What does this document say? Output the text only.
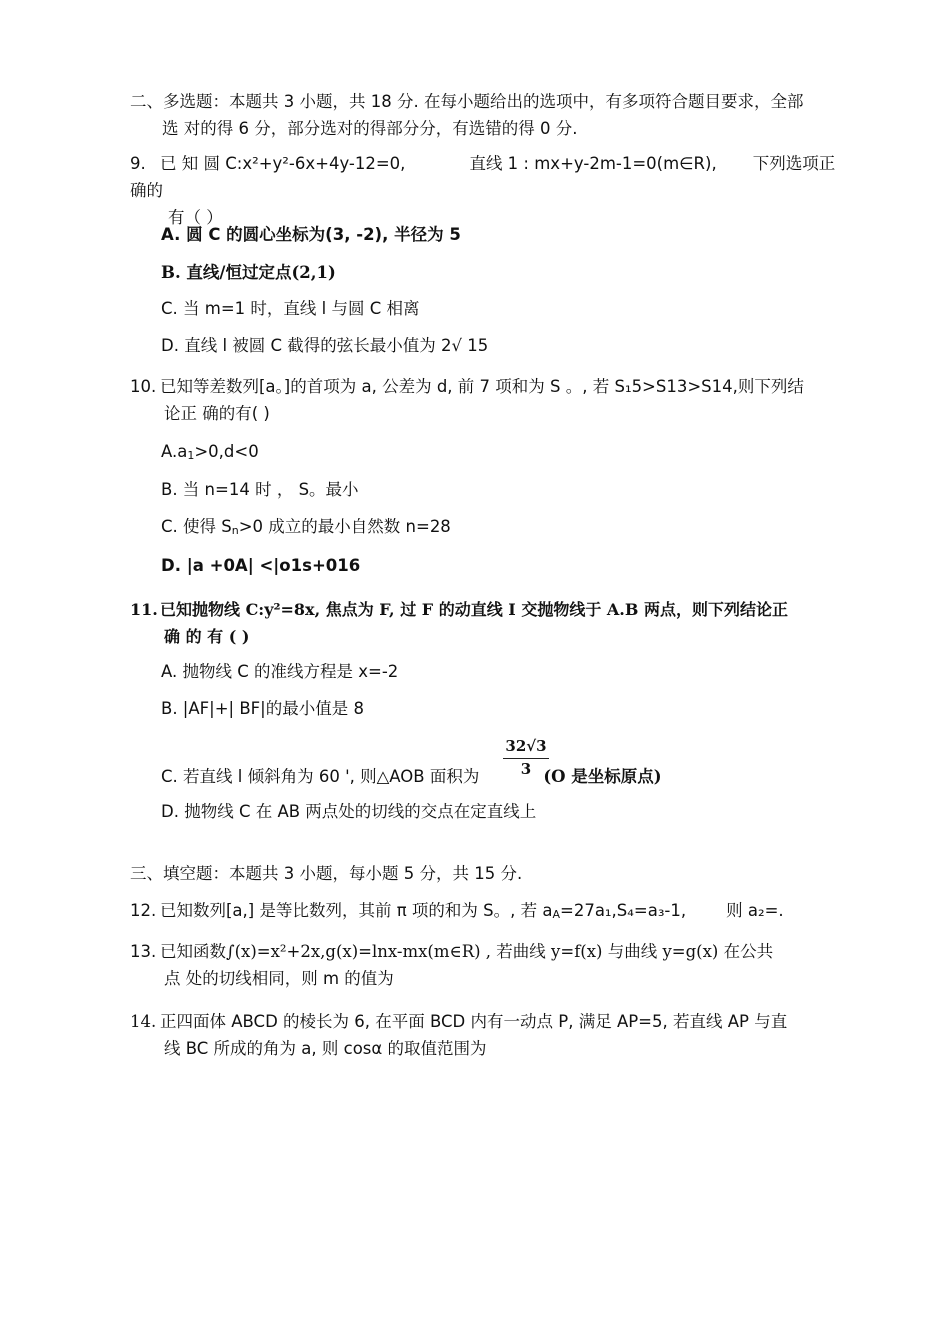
二、多选题：本题共 3 小题，共 18 分. 在每小题给出的选项中，有多项符合题目要求，全部
选 对的得 6 分，部分选对的得部分分，有选错的得 0 分.
9. 已 知 圆 C:x²+y²-6x+4y-12=0,	直线 1 : mx+y-2m-1=0(m∈R), 下列选项正确的
有（ ）
A. 圆 C 的圆心坐标为(3, -2), 半径为 5
B. 直线/恒过定点(2,1)
C. 当 m=1 时，直线 l 与圆 C 相离
D. 直线 l 被圆 C 截得的弦长最小值为 2√ 15
10. 已知等差数列[a。]的首项为 a, 公差为 d, 前 7 项和为 S 。, 若 S₁5>S13>S14,则下列结
论正 确的有( )
A.a1>0,d<0
B. 当 n=14 时 ， S。最小
C. 使得 Sn>0 成立的最小自然数 n=28
D. |a +0A| <|o1s+016
11. 已知抛物线 C:y²=8x, 焦点为 F, 过 F 的动直线 I 交抛物线于 A.B 两点，则下列结论正
确 的 有 ( )
A. 抛物线 C 的准线方程是 x=-2
B. |AF|+| BF|的最小值是 8
C. 若直线 l 倾斜角为 60 ', 则△AOB 面积为	(O 是坐标原点)
$\frac{32√3}{3}$
D. 抛物线 C 在 AB 两点处的切线的交点在定直线上
三、填空题：本题共 3 小题，每小题 5 分，共 15 分.
12. 已知数列[a,] 是等比数列，其前 π 项的和为 S。, 若 aA=27a₁,S₄=a₃-1, 则 a₂=.
13. 已知函数∫(x)=x²+2x,g(x)=lnx-mx(m∈R) , 若曲线 y=f(x) 与曲线 y=g(x) 在公共
点 处的切线相同，则 m 的值为
14. 正四面体 ABCD 的棱长为 6, 在平面 BCD 内有一动点 P, 满足 AP=5, 若直线 AP 与直
线 BC 所成的角为 a, 则 cosα 的取值范围为
